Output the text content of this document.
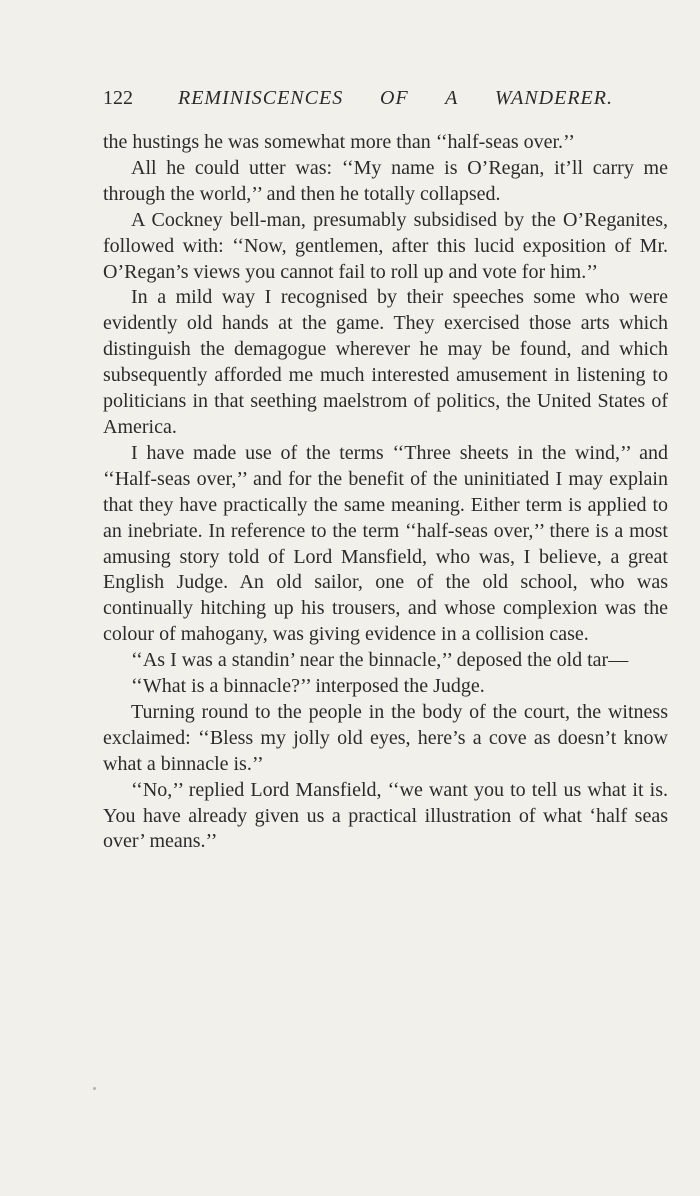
122 REMINISCENCES OF A WANDERER.

the hustings he was somewhat more than ‘‘half-seas over.’’

All he could utter was: ‘‘My name is O’Regan, it’ll carry me through the world,’’ and then he totally collapsed.

A Cockney bell-man, presumably subsidised by the O’Reganites, followed with: ‘‘Now, gentlemen, after this lucid exposition of Mr. O’Regan’s views you cannot fail to roll up and vote for him.’’

In a mild way I recognised by their speeches some who were evidently old hands at the game. They exercised those arts which distinguish the demagogue wherever he may be found, and which subsequently afforded me much interested amusement in listening to politicians in that seething maelstrom of politics, the United States of America.

I have made use of the terms ‘‘Three sheets in the wind,’’ and ‘‘Half-seas over,’’ and for the benefit of the uninitiated I may explain that they have practically the same meaning. Either term is applied to an inebriate. In reference to the term ‘‘half-seas over,’’ there is a most amusing story told of Lord Mansfield, who was, I believe, a great English Judge. An old sailor, one of the old school, who was continually hitching up his trousers, and whose complexion was the colour of mahogany, was giving evidence in a collision case.

‘‘As I was a standin’ near the binnacle,’’ deposed the old tar—

‘‘What is a binnacle?’’ interposed the Judge.

Turning round to the people in the body of the court, the witness exclaimed: ‘‘Bless my jolly old eyes, here’s a cove as doesn’t know what a binnacle is.’’

‘‘No,’’ replied Lord Mansfield, ‘‘we want you to tell us what it is. You have already given us a practical illustration of what ‘half seas over’ means.’’
